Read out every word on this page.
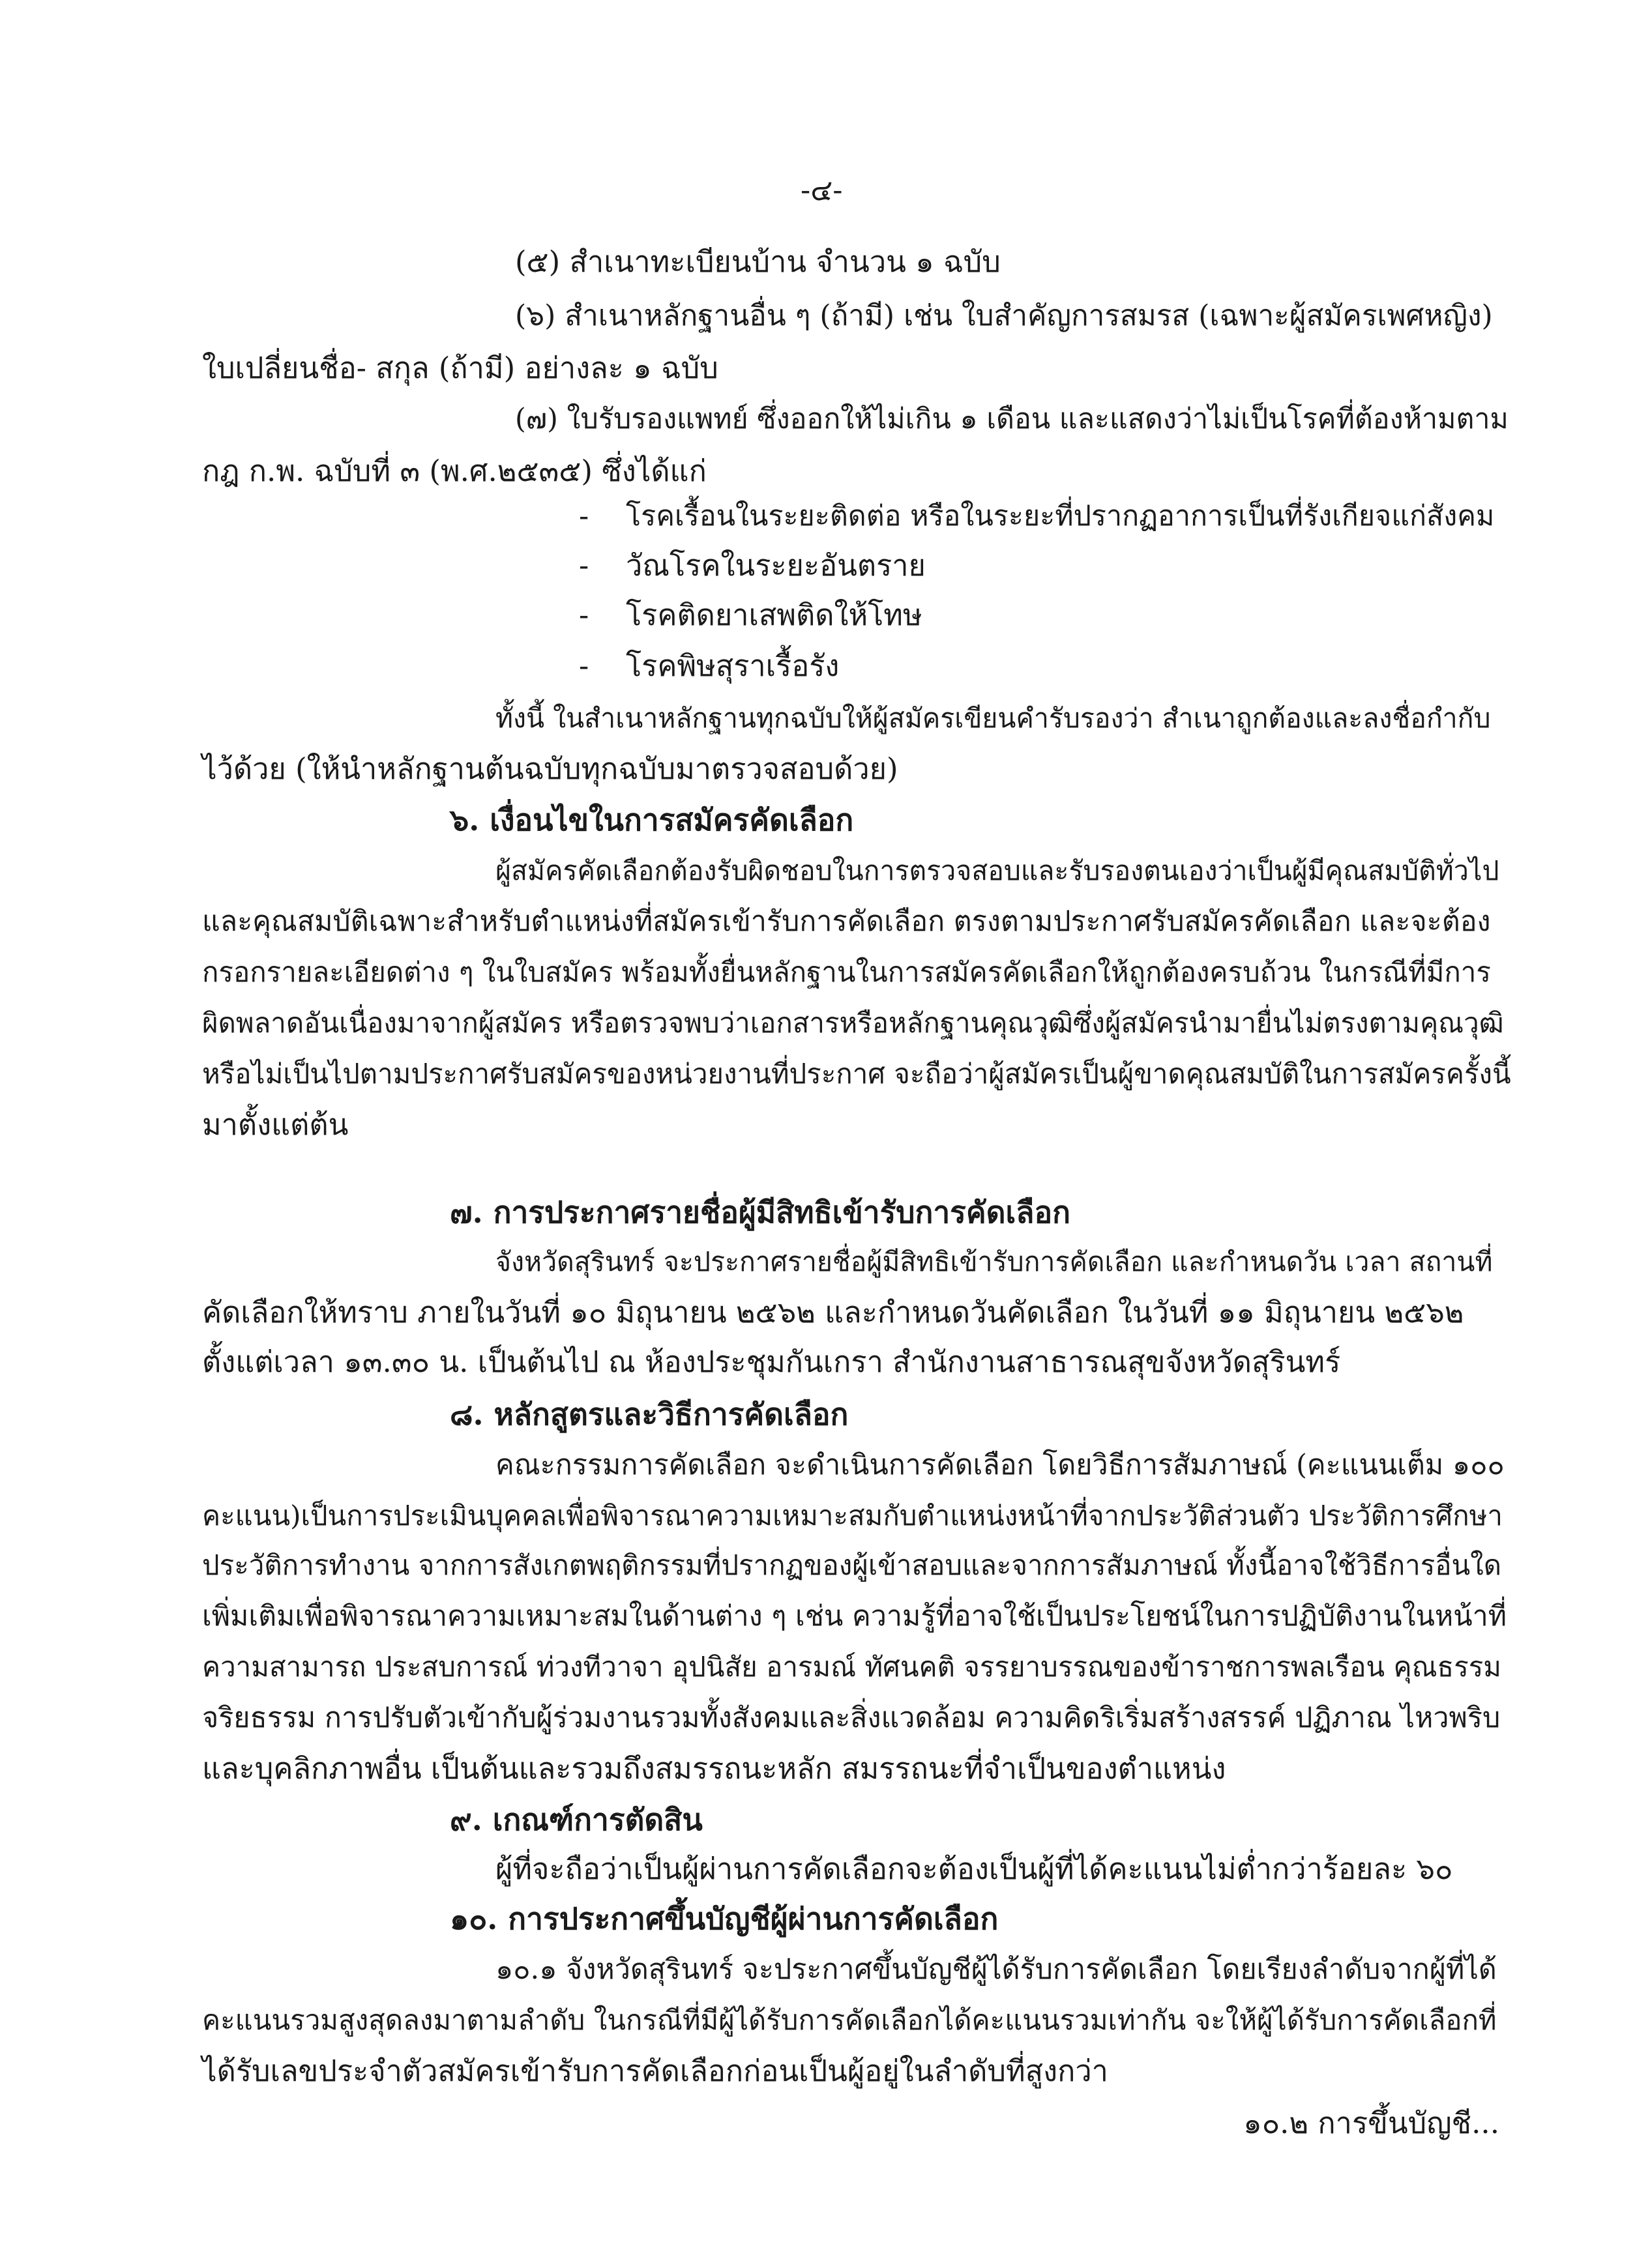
-๔-
(๕) สำเนาทะเบียนบ้าน จำนวน ๑ ฉบับ
(๖) สำเนาหลักฐานอื่น ๆ (ถ้ามี) เช่น ใบสำคัญการสมรส (เฉพาะผู้สมัครเพศหญิง)
ใบเปลี่ยนชื่อ- สกุล (ถ้ามี) อย่างละ ๑ ฉบับ
(๗) ใบรับรองแพทย์ ซึ่งออกให้ไม่เกิน ๑ เดือน และแสดงว่าไม่เป็นโรคที่ต้องห้ามตาม
กฎ ก.พ. ฉบับที่ ๓ (พ.ศ.๒๕๓๕) ซึ่งได้แก่
- โรคเรื้อนในระยะติดต่อ หรือในระยะที่ปรากฏอาการเป็นที่รังเกียจแก่สังคม
- วัณโรคในระยะอันตราย
- โรคติดยาเสพติดให้โทษ
- โรคพิษสุราเรื้อรัง
ทั้งนี้ ในสำเนาหลักฐานทุกฉบับให้ผู้สมัครเขียนคำรับรองว่า สำเนาถูกต้องและลงชื่อกำกับ
ไว้ด้วย (ให้นำหลักฐานต้นฉบับทุกฉบับมาตรวจสอบด้วย)
๖. เงื่อนไขในการสมัครคัดเลือก
ผู้สมัครคัดเลือกต้องรับผิดชอบในการตรวจสอบและรับรองตนเองว่าเป็นผู้มีคุณสมบัติทั่วไป
และคุณสมบัติเฉพาะสำหรับตำแหน่งที่สมัครเข้ารับการคัดเลือก ตรงตามประกาศรับสมัครคัดเลือก และจะต้อง
กรอกรายละเอียดต่าง ๆ ในใบสมัคร พร้อมทั้งยื่นหลักฐานในการสมัครคัดเลือกให้ถูกต้องครบถ้วน ในกรณีที่มีการ
ผิดพลาดอันเนื่องมาจากผู้สมัคร หรือตรวจพบว่าเอกสารหรือหลักฐานคุณวุฒิซึ่งผู้สมัครนำมายื่นไม่ตรงตามคุณวุฒิ
หรือไม่เป็นไปตามประกาศรับสมัครของหน่วยงานที่ประกาศ จะถือว่าผู้สมัครเป็นผู้ขาดคุณสมบัติในการสมัครครั้งนี้
มาตั้งแต่ต้น
๗. การประกาศรายชื่อผู้มีสิทธิเข้ารับการคัดเลือก
จังหวัดสุรินทร์ จะประกาศรายชื่อผู้มีสิทธิเข้ารับการคัดเลือก และกำหนดวัน เวลา สถานที่
คัดเลือกให้ทราบ ภายในวันที่ ๑๐ มิถุนายน ๒๕๖๒ และกำหนดวันคัดเลือก ในวันที่ ๑๑ มิถุนายน ๒๕๖๒
ตั้งแต่เวลา ๑๓.๓๐ น. เป็นต้นไป ณ ห้องประชุมกันเกรา สำนักงานสาธารณสุขจังหวัดสุรินทร์
๘. หลักสูตรและวิธีการคัดเลือก
คณะกรรมการคัดเลือก จะดำเนินการคัดเลือก โดยวิธีการสัมภาษณ์ (คะแนนเต็ม ๑๐๐
คะแนน)เป็นการประเมินบุคคลเพื่อพิจารณาความเหมาะสมกับตำแหน่งหน้าที่จากประวัติส่วนตัว ประวัติการศึกษา
ประวัติการทำงาน จากการสังเกตพฤติกรรมที่ปรากฏของผู้เข้าสอบและจากการสัมภาษณ์ ทั้งนี้อาจใช้วิธีการอื่นใด
เพิ่มเติมเพื่อพิจารณาความเหมาะสมในด้านต่าง ๆ เช่น ความรู้ที่อาจใช้เป็นประโยชน์ในการปฏิบัติงานในหน้าที่
ความสามารถ ประสบการณ์ ท่วงทีวาจา อุปนิสัย อารมณ์ ทัศนคติ จรรยาบรรณของข้าราชการพลเรือน คุณธรรม
จริยธรรม การปรับตัวเข้ากับผู้ร่วมงานรวมทั้งสังคมและสิ่งแวดล้อม ความคิดริเริ่มสร้างสรรค์ ปฏิภาณ ไหวพริบ
และบุคลิกภาพอื่น เป็นต้นและรวมถึงสมรรถนะหลัก สมรรถนะที่จำเป็นของตำแหน่ง
๙. เกณฑ์การตัดสิน
ผู้ที่จะถือว่าเป็นผู้ผ่านการคัดเลือกจะต้องเป็นผู้ที่ได้คะแนนไม่ต่ำกว่าร้อยละ ๖๐
๑๐. การประกาศขึ้นบัญชีผู้ผ่านการคัดเลือก
๑๐.๑ จังหวัดสุรินทร์ จะประกาศขึ้นบัญชีผู้ได้รับการคัดเลือก โดยเรียงลำดับจากผู้ที่ได้
คะแนนรวมสูงสุดลงมาตามลำดับ ในกรณีที่มีผู้ได้รับการคัดเลือกได้คะแนนรวมเท่ากัน จะให้ผู้ได้รับการคัดเลือกที่
ได้รับเลขประจำตัวสมัครเข้ารับการคัดเลือกก่อนเป็นผู้อยู่ในลำดับที่สูงกว่า
๑๐.๒ การขึ้นบัญชี...
